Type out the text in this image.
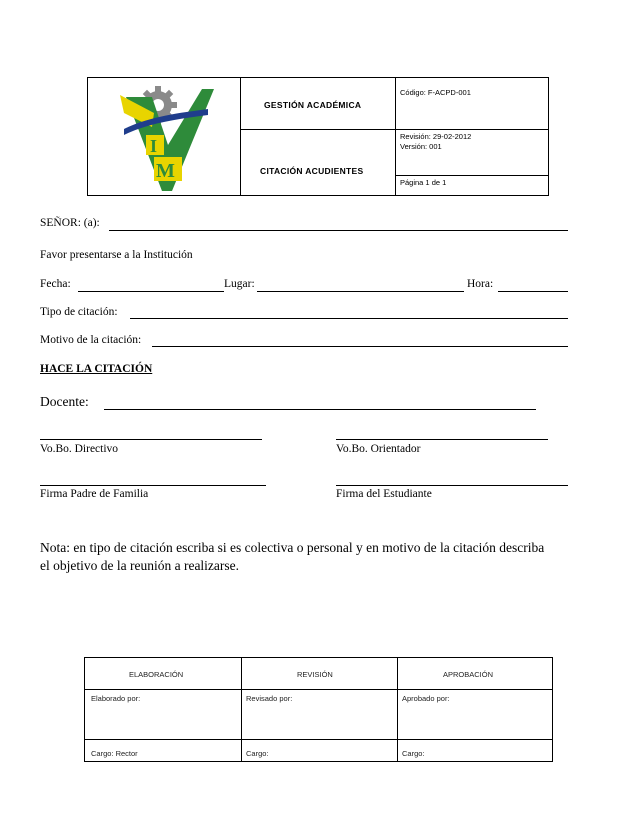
I
M
GESTIÓN ACADÉMICA
CITACIÓN ACUDIENTES
Código: F-ACPD-001
Revisión: 29-02-2012
Versión: 001
Página 1 de 1
SEÑOR: (a):
Favor presentarse a la Institución
Fecha:	Lugar:	Hora:
Tipo de citación:
Motivo de la citación:
HACE LA CITACIÓN
Docente:
Vo.Bo. Directivo	Vo.Bo. Orientador
Firma Padre de Familia	Firma del Estudiante
Nota: en tipo de citación escriba si es colectiva o personal y en motivo de la citación describa
el objetivo de la reunión a realizarse.
ELABORACIÓN	REVISIÓN	APROBACIÓN
Elaborado por:	Revisado por:	Aprobado por:
Cargo: Rector	Cargo:	Cargo:
